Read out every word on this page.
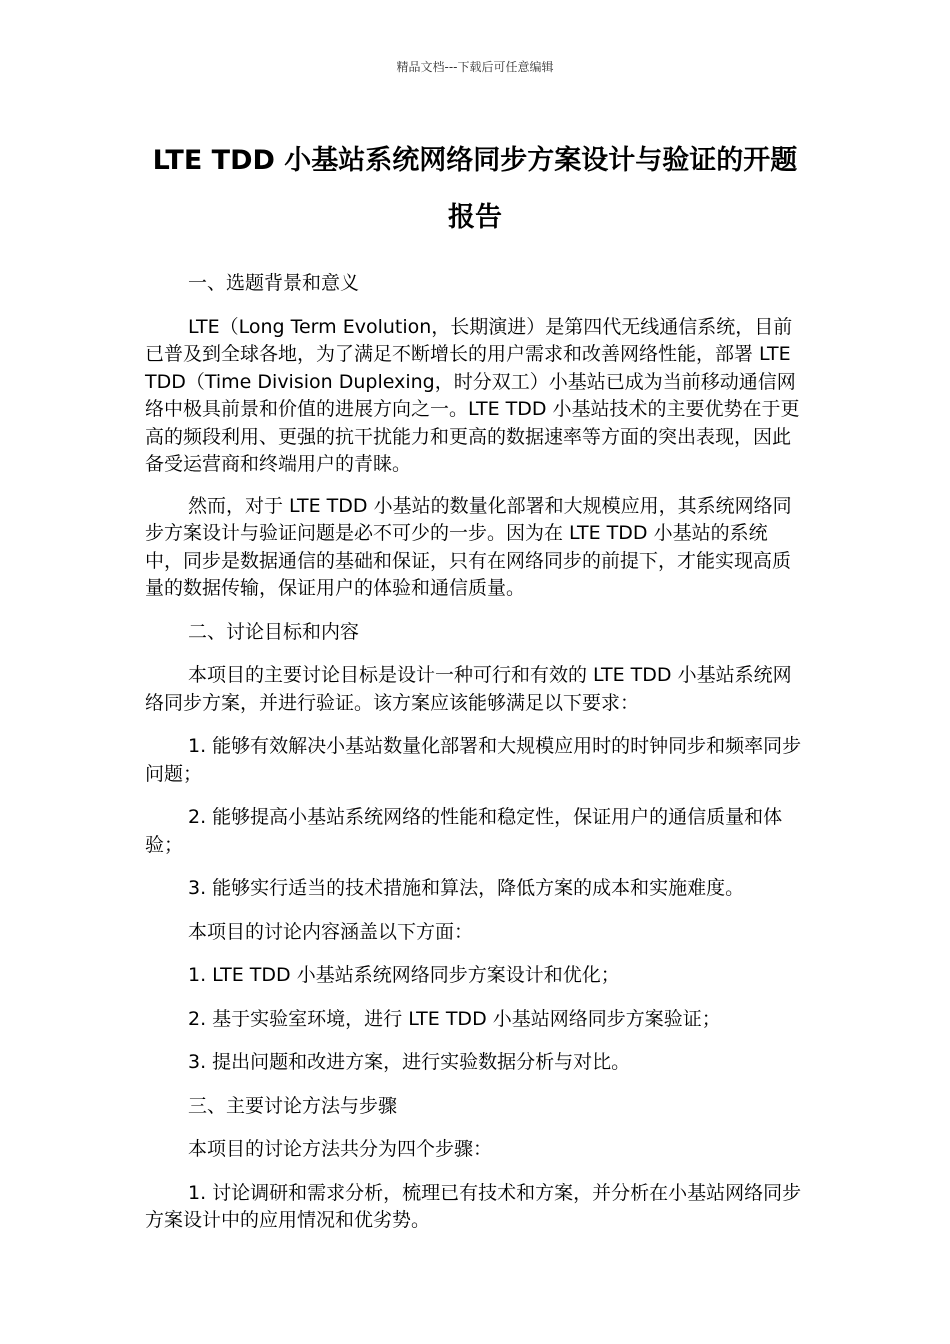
精品文档---下载后可任意编辑
LTE TDD 小基站系统网络同步方案设计与验证的开题报告

一、选题背景和意义

LTE（Long Term Evolution，长期演进）是第四代无线通信系统，目前已普及到全球各地，为了满足不断增长的用户需求和改善网络性能，部署 LTE TDD（Time Division Duplexing，时分双工）小基站已成为当前移动通信网络中极具前景和价值的进展方向之一。LTE TDD 小基站技术的主要优势在于更高的频段利用、更强的抗干扰能力和更高的数据速率等方面的突出表现，因此备受运营商和终端用户的青睐。

然而，对于 LTE TDD 小基站的数量化部署和大规模应用，其系统网络同步方案设计与验证问题是必不可少的一步。因为在 LTE TDD 小基站的系统中，同步是数据通信的基础和保证，只有在网络同步的前提下，才能实现高质量的数据传输，保证用户的体验和通信质量。

二、讨论目标和内容

本项目的主要讨论目标是设计一种可行和有效的 LTE TDD 小基站系统网络同步方案，并进行验证。该方案应该能够满足以下要求：

1. 能够有效解决小基站数量化部署和大规模应用时的时钟同步和频率同步问题；

2. 能够提高小基站系统网络的性能和稳定性，保证用户的通信质量和体验；

3. 能够实行适当的技术措施和算法，降低方案的成本和实施难度。

本项目的讨论内容涵盖以下方面：

1. LTE TDD 小基站系统网络同步方案设计和优化；

2. 基于实验室环境，进行 LTE TDD 小基站网络同步方案验证；

3. 提出问题和改进方案，进行实验数据分析与对比。

三、主要讨论方法与步骤

本项目的讨论方法共分为四个步骤：

1. 讨论调研和需求分析，梳理已有技术和方案，并分析在小基站网络同步方案设计中的应用情况和优劣势。
